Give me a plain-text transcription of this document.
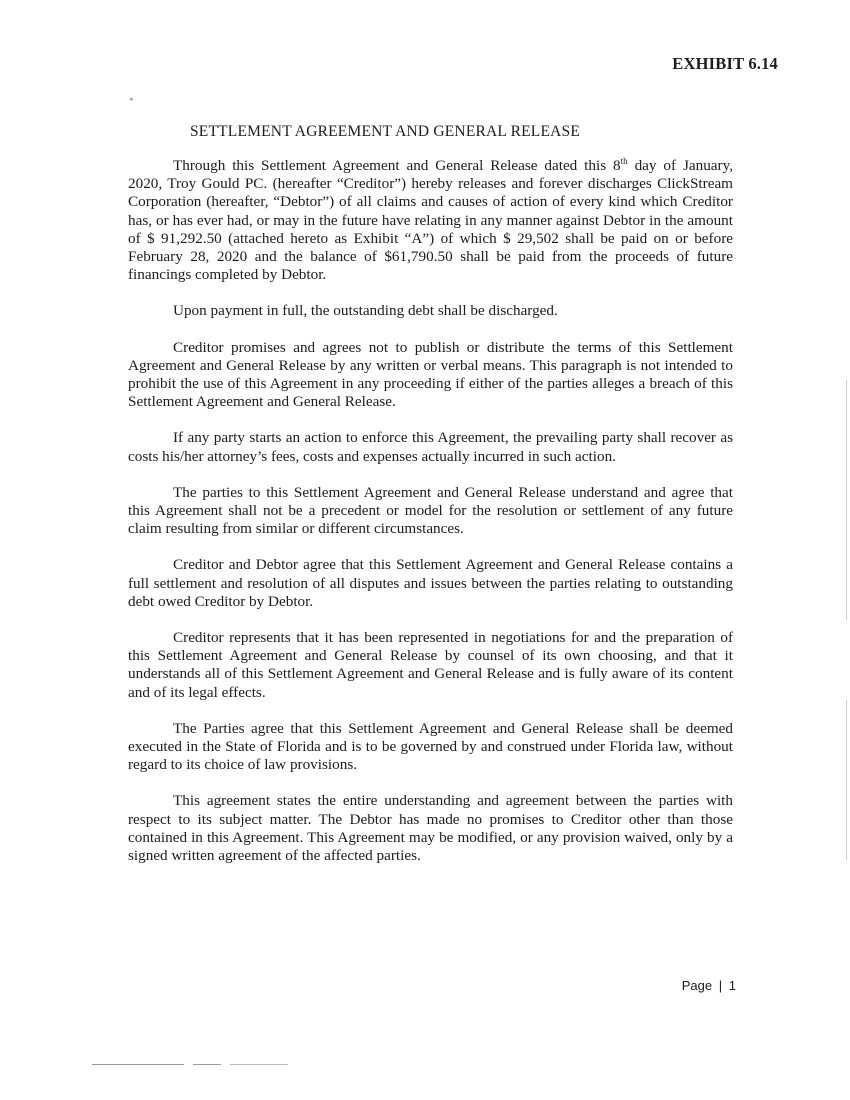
EXHIBIT 6.14
*
SETTLEMENT AGREEMENT AND GENERAL RELEASE

Through this Settlement Agreement and General Release dated this 8th day of January, 2020, Troy Gould PC. (hereafter “Creditor”) hereby releases and forever discharges ClickStream Corporation (hereafter, “Debtor”) of all claims and causes of action of every kind which Creditor has, or has ever had, or may in the future have relating in any manner against Debtor in the amount of $ 91,292.50 (attached hereto as Exhibit “A”) of which $ 29,502 shall be paid on or before February 28, 2020 and the balance of $61,790.50 shall be paid from the proceeds of future financings completed by Debtor.

Upon payment in full, the outstanding debt shall be discharged.

Creditor promises and agrees not to publish or distribute the terms of this Settlement Agreement and General Release by any written or verbal means. This paragraph is not intended to prohibit the use of this Agreement in any proceeding if either of the parties alleges a breach of this Settlement Agreement and General Release.

If any party starts an action to enforce this Agreement, the prevailing party shall recover as costs his/her attorney’s fees, costs and expenses actually incurred in such action.

The parties to this Settlement Agreement and General Release understand and agree that this Agreement shall not be a precedent or model for the resolution or settlement of any future claim resulting from similar or different circumstances.

Creditor and Debtor agree that this Settlement Agreement and General Release contains a full settlement and resolution of all disputes and issues between the parties relating to outstanding debt owed Creditor by Debtor.

Creditor represents that it has been represented in negotiations for and the preparation of this Settlement Agreement and General Release by counsel of its own choosing, and that it understands all of this Settlement Agreement and General Release and is fully aware of its content and of its legal effects.

The Parties agree that this Settlement Agreement and General Release shall be deemed executed in the State of Florida and is to be governed by and construed under Florida law, without regard to its choice of law provisions.

This agreement states the entire understanding and agreement between the parties with respect to its subject matter. The Debtor has made no promises to Creditor other than those contained in this Agreement. This Agreement may be modified, or any provision waived, only by a signed written agreement of the affected parties.

Page | 1
